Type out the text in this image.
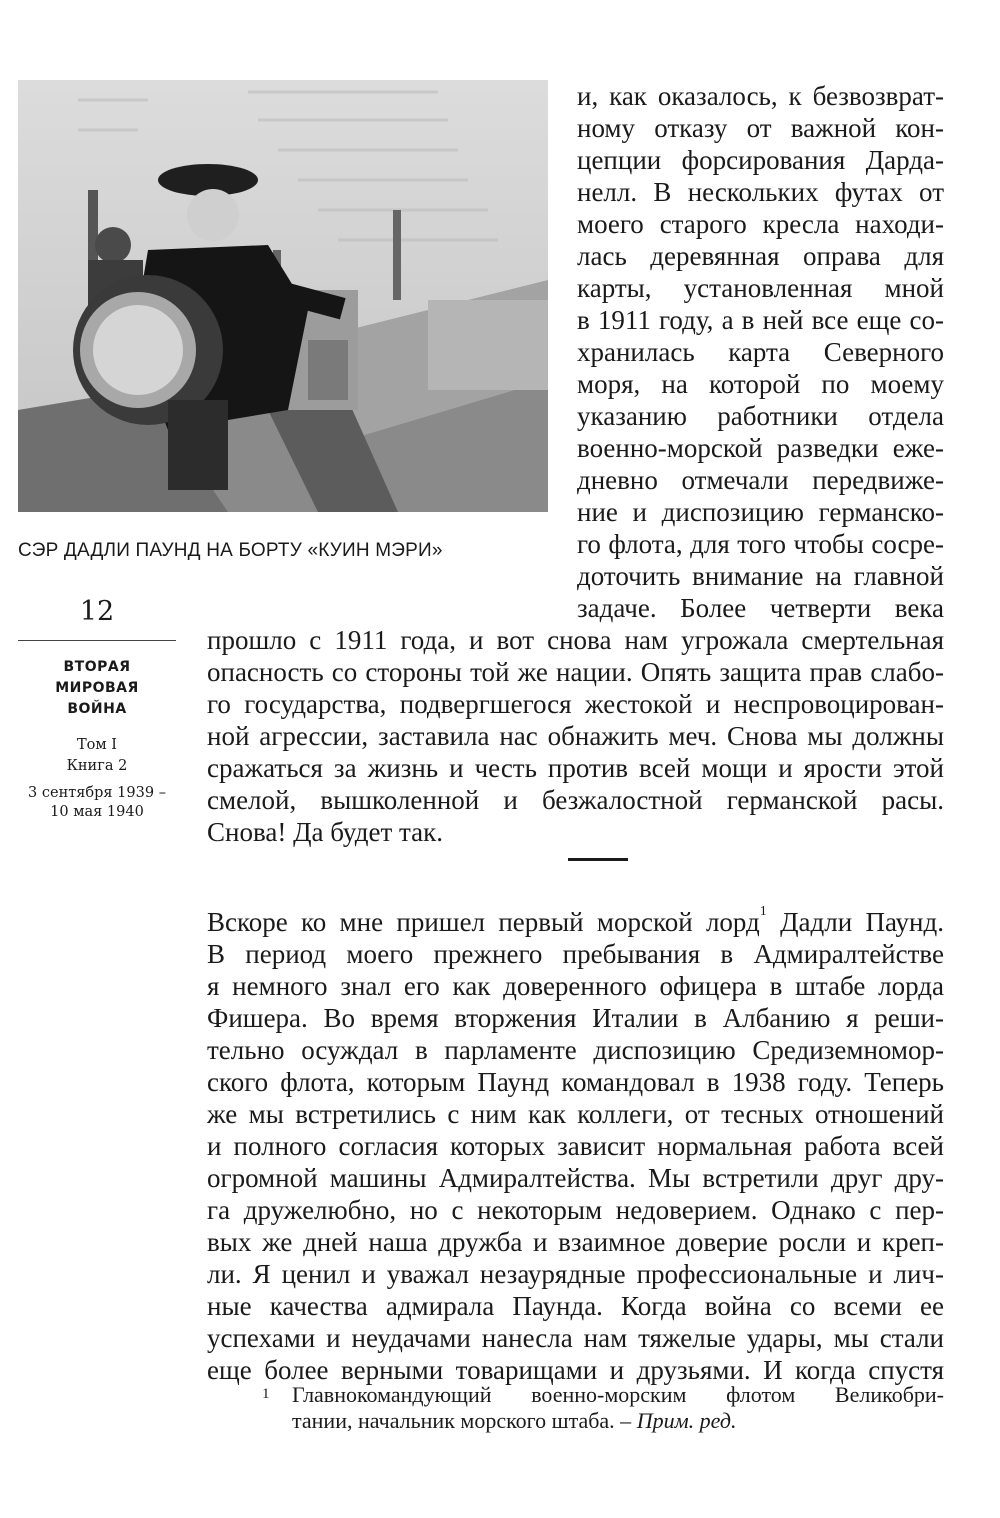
СЭР ДАДЛИ ПАУНД НА БОРТУ «КУИН МЭРИ»
12
ВТОРАЯ
МИРОВАЯ
ВОЙНА
Том I
Книга 2
3 сентября 1939 –
10 мая 1940
и, как оказалось, к безвозврат-
ному отказу от важной кон-
цепции форсирования Дарда-
нелл. В нескольких футах от
моего старого кресла находи-
лась деревянная оправа для
карты, установленная мной
в 1911 году, а в ней все еще со-
хранилась карта Северного
моря, на которой по моему
указанию работники отдела
военно-морской разведки еже-
дневно отмечали передвиже-
ние и диспозицию германско-
го флота, для того чтобы сосре-
доточить внимание на главной
задаче. Более четверти века
прошло с 1911 года, и вот снова нам угрожала смертельная
опасность со стороны той же нации. Опять защита прав слабо-
го государства, подвергшегося жестокой и неспровоцирован-
ной агрессии, заставила нас обнажить меч. Снова мы должны
сражаться за жизнь и честь против всей мощи и ярости этой
смелой, вышколенной и безжалостной германской расы.
Снова! Да будет так.
Вскоре ко мне пришел первый морской лорд$^1$ Дадли Паунд.
В период моего прежнего пребывания в Адмиралтействе
я немного знал его как доверенного офицера в штабе лорда
Фишера. Во время вторжения Италии в Албанию я реши-
тельно осуждал в парламенте диспозицию Средиземномор-
ского флота, которым Паунд командовал в 1938 году. Теперь
же мы встретились с ним как коллеги, от тесных отношений
и полного согласия которых зависит нормальная работа всей
огромной машины Адмиралтейства. Мы встретили друг дру-
га дружелюбно, но с некоторым недоверием. Однако с пер-
вых же дней наша дружба и взаимное доверие росли и креп-
ли. Я ценил и уважал незаурядные профессиональные и лич-
ные качества адмирала Паунда. Когда война со всеми ее
успехами и неудачами нанесла нам тяжелые удары, мы стали
еще более верными товарищами и друзьями. И когда спустя
1 Главнокомандующий военно-морским флотом Великобри-
тании, начальник морского штаба. – Прим. ред.
